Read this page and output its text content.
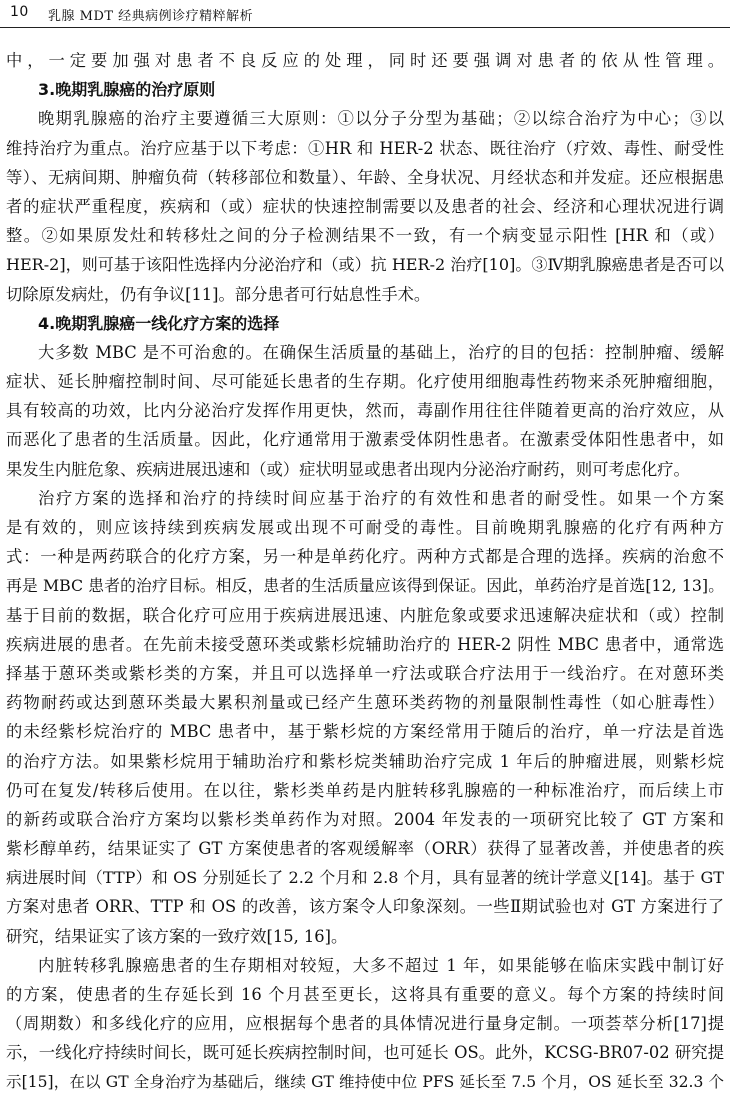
10 乳腺 MDT 经典病例诊疗精粹解析
中，一定要加强对患者不良反应的处理，同时还要强调对患者的依从性管理。
3.晚期乳腺癌的治疗原则
晚期乳腺癌的治疗主要遵循三大原则：①以分子分型为基础；②以综合治疗为中心；③以
维持治疗为重点。治疗应基于以下考虑：①HR 和 HER-2 状态、既往治疗（疗效、毒性、耐受性
等）、无病间期、肿瘤负荷（转移部位和数量）、年龄、全身状况、月经状态和并发症。还应根据患
者的症状严重程度，疾病和（或）症状的快速控制需要以及患者的社会、经济和心理状况进行调
整。②如果原发灶和转移灶之间的分子检测结果不一致，有一个病变显示阳性 [HR 和（或）
HER-2]，则可基于该阳性选择内分泌治疗和（或）抗 HER-2 治疗[10]。③Ⅳ期乳腺癌患者是否可以
切除原发病灶，仍有争议[11]。部分患者可行姑息性手术。
4.晚期乳腺癌一线化疗方案的选择
大多数 MBC 是不可治愈的。在确保生活质量的基础上，治疗的目的包括：控制肿瘤、缓解
症状、延长肿瘤控制时间、尽可能延长患者的生存期。化疗使用细胞毒性药物来杀死肿瘤细胞，
具有较高的功效，比内分泌治疗发挥作用更快，然而，毒副作用往往伴随着更高的治疗效应，从
而恶化了患者的生活质量。因此，化疗通常用于激素受体阴性患者。在激素受体阳性患者中，如
果发生内脏危象、疾病进展迅速和（或）症状明显或患者出现内分泌治疗耐药，则可考虑化疗。
治疗方案的选择和治疗的持续时间应基于治疗的有效性和患者的耐受性。如果一个方案
是有效的，则应该持续到疾病发展或出现不可耐受的毒性。目前晚期乳腺癌的化疗有两种方
式：一种是两药联合的化疗方案，另一种是单药化疗。两种方式都是合理的选择。疾病的治愈不
再是 MBC 患者的治疗目标。相反，患者的生活质量应该得到保证。因此，单药治疗是首选[12, 13]。
基于目前的数据，联合化疗可应用于疾病进展迅速、内脏危象或要求迅速解决症状和（或）控制
疾病进展的患者。在先前未接受蒽环类或紫杉烷辅助治疗的 HER-2 阴性 MBC 患者中，通常选
择基于蒽环类或紫杉类的方案，并且可以选择单一疗法或联合疗法用于一线治疗。在对蒽环类
药物耐药或达到蒽环类最大累积剂量或已经产生蒽环类药物的剂量限制性毒性（如心脏毒性）
的未经紫杉烷治疗的 MBC 患者中，基于紫杉烷的方案经常用于随后的治疗，单一疗法是首选
的治疗方法。如果紫杉烷用于辅助治疗和紫杉烷类辅助治疗完成 1 年后的肿瘤进展，则紫杉烷
仍可在复发/转移后使用。在以往，紫杉类单药是内脏转移乳腺癌的一种标准治疗，而后续上市
的新药或联合治疗方案均以紫杉类单药作为对照。2004 年发表的一项研究比较了 GT 方案和
紫杉醇单药，结果证实了 GT 方案使患者的客观缓解率（ORR）获得了显著改善，并使患者的疾
病进展时间（TTP）和 OS 分别延长了 2.2 个月和 2.8 个月，具有显著的统计学意义[14]。基于 GT
方案对患者 ORR、TTP 和 OS 的改善，该方案令人印象深刻。一些Ⅱ期试验也对 GT 方案进行了
研究，结果证实了该方案的一致疗效[15, 16]。
内脏转移乳腺癌患者的生存期相对较短，大多不超过 1 年，如果能够在临床实践中制订好
的方案，使患者的生存延长到 16 个月甚至更长，这将具有重要的意义。每个方案的持续时间
（周期数）和多线化疗的应用，应根据每个患者的具体情况进行量身定制。一项荟萃分析[17]提
示，一线化疗持续时间长，既可延长疾病控制时间，也可延长 OS。此外，KCSG-BR07-02 研究提
示[15]，在以 GT 全身治疗为基础后，继续 GT 维持使中位 PFS 延长至 7.5 个月，OS 延长至 32.3 个
